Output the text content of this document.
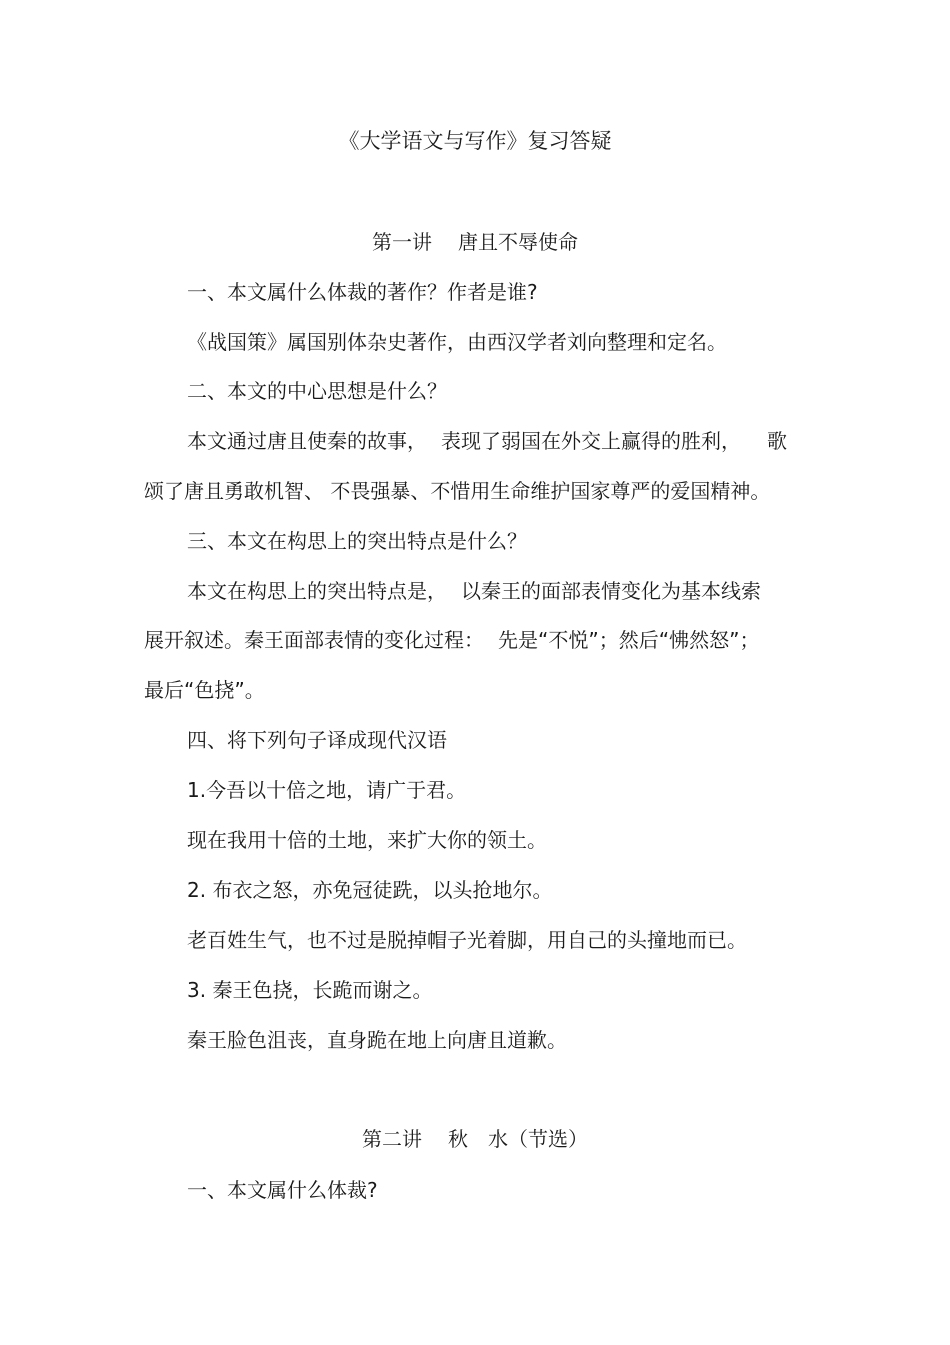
《大学语文与写作》复习答疑
第一讲 唐且不辱使命
一、本文属什么体裁的著作？作者是谁?
《战国策》属国别体杂史著作，由西汉学者刘向整理和定名。
二、本文的中心思想是什么？
本文通过唐且使秦的故事， 表现了弱国在外交上赢得的胜利， 歌
颂了唐且勇敢机智、 不畏强暴、不惜用生命维护国家尊严的爱国精神。
三、本文在构思上的突出特点是什么？
本文在构思上的突出特点是， 以秦王的面部表情变化为基本线索
展开叙述。秦王面部表情的变化过程： 先是“不悦”；然后“怫然怒”；
最后“色挠”。
四、将下列句子译成现代汉语
1.今吾以十倍之地，请广于君。
现在我用十倍的土地，来扩大你的领土。
2. 布衣之怒，亦免冠徒跣，以头抢地尔。
老百姓生气，也不过是脱掉帽子光着脚，用自己的头撞地而已。
3. 秦王色挠，长跪而谢之。
秦王脸色沮丧，直身跪在地上向唐且道歉。
第二讲 秋 水（节选）
一、本文属什么体裁?
